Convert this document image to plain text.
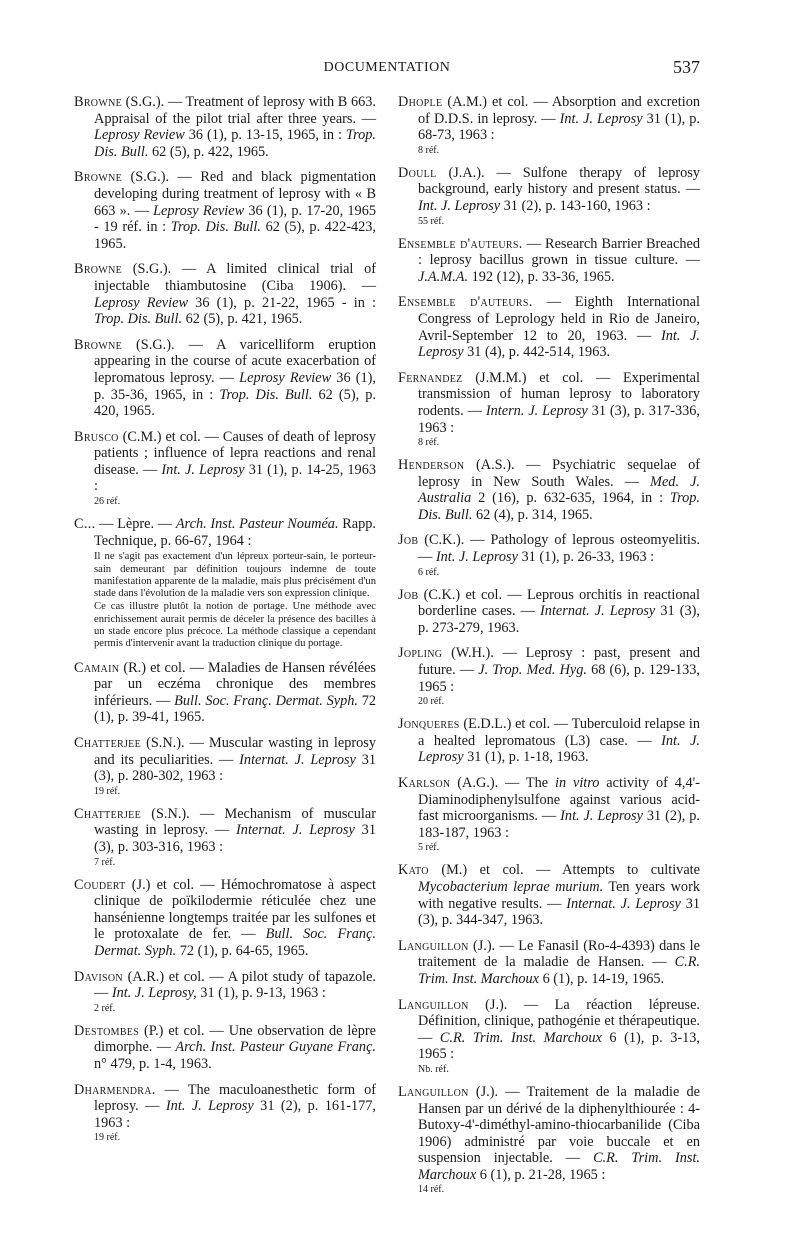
DOCUMENTATION	537

Browne (S.G.). — Treatment of leprosy with B 663. Appraisal of the pilot trial after three years. — Leprosy Review 36 (1), p. 13-15, 1965, in : Trop. Dis. Bull. 62 (5), p. 422, 1965.

Browne (S.G.). — Red and black pigmentation developing during treatment of leprosy with « B 663 ». — Leprosy Review 36 (1), p. 17-20, 1965 - 19 réf. in : Trop. Dis. Bull. 62 (5), p. 422-423, 1965.

Browne (S.G.). — A limited clinical trial of injectable thiambutosine (Ciba 1906). — Leprosy Review 36 (1), p. 21-22, 1965 - in : Trop. Dis. Bull. 62 (5), p. 421, 1965.

Browne (S.G.). — A varicelliform eruption appearing in the course of acute exacerbation of lepromatous leprosy. — Leprosy Review 36 (1), p. 35-36, 1965, in : Trop. Dis. Bull. 62 (5), p. 420, 1965.

Brusco (C.M.) et col. — Causes of death of leprosy patients ; influence of lepra reactions and renal disease. — Int. J. Leprosy 31 (1), p. 14-25, 1963 :
26 réf.

C... — Lèpre. — Arch. Inst. Pasteur Nouméa. Rapp. Technique, p. 66-67, 1964 :
Il ne s'agit pas exactement d'un lépreux porteur-sain, le porteur-sain demeurant par définition toujours indemne de toute manifestation apparente de la maladie, mais plus précisément d'un stade dans l'évolution de la maladie vers son expression clinique.
Ce cas illustre plutôt la notion de portage. Une méthode avec enrichissement aurait permis de déceler la présence des bacilles à un stade encore plus précoce. La méthode classique a cependant permis d'intervenir avant la traduction clinique du portage.

Camain (R.) et col. — Maladies de Hansen révélées par un eczéma chronique des membres inférieurs. — Bull. Soc. Franç. Dermat. Syph. 72 (1), p. 39-41, 1965.

Chatterjee (S.N.). — Muscular wasting in leprosy and its peculiarities. — Internat. J. Leprosy 31 (3), p. 280-302, 1963 :
19 réf.

Chatterjee (S.N.). — Mechanism of muscular wasting in leprosy. — Internat. J. Leprosy 31 (3), p. 303-316, 1963 :
7 réf.

Coudert (J.) et col. — Hémochromatose à aspect clinique de poïkilodermie réticulée chez une hansénienne longtemps traitée par les sulfones et le protoxalate de fer. — Bull. Soc. Franç. Dermat. Syph. 72 (1), p. 64-65, 1965.

Davison (A.R.) et col. — A pilot study of tapazole. — Int. J. Leprosy, 31 (1), p. 9-13, 1963 :
2 réf.

Destombes (P.) et col. — Une observation de lèpre dimorphe. — Arch. Inst. Pasteur Guyane Franç. n° 479, p. 1-4, 1963.

Dharmendra. — The maculoanesthetic form of leprosy. — Int. J. Leprosy 31 (2), p. 161-177, 1963 :
19 réf.

Dhople (A.M.) et col. — Absorption and excretion of D.D.S. in leprosy. — Int. J. Leprosy 31 (1), p. 68-73, 1963 :
8 réf.

Doull (J.A.). — Sulfone therapy of leprosy background, early history and present status. — Int. J. Leprosy 31 (2), p. 143-160, 1963 :
55 réf.

Ensemble d'auteurs. — Research Barrier Breached : leprosy bacillus grown in tissue culture. — J.A.M.A. 192 (12), p. 33-36, 1965.

Ensemble d'auteurs. — Eighth International Congress of Leprology held in Rio de Janeiro, Avril-September 12 to 20, 1963. — Int. J. Leprosy 31 (4), p. 442-514, 1963.

Fernandez (J.M.M.) et col. — Experimental transmission of human leprosy to laboratory rodents. — Intern. J. Leprosy 31 (3), p. 317-336, 1963 :
8 réf.

Henderson (A.S.). — Psychiatric sequelae of leprosy in New South Wales. — Med. J. Australia 2 (16), p. 632-635, 1964, in : Trop. Dis. Bull. 62 (4), p. 314, 1965.

Job (C.K.). — Pathology of leprous osteomyelitis. — Int. J. Leprosy 31 (1), p. 26-33, 1963 :
6 réf.

Job (C.K.) et col. — Leprous orchitis in reactional borderline cases. — Internat. J. Leprosy 31 (3), p. 273-279, 1963.

Jopling (W.H.). — Leprosy : past, present and future. — J. Trop. Med. Hyg. 68 (6), p. 129-133, 1965 :
20 réf.

Jonqueres (E.D.L.) et col. — Tuberculoid relapse in a healted lepromatous (L3) case. — Int. J. Leprosy 31 (1), p. 1-18, 1963.

Karlson (A.G.). — The in vitro activity of 4,4'-Diaminodiphenylsulfone against various acid-fast microorganisms. — Int. J. Leprosy 31 (2), p. 183-187, 1963 :
5 réf.

Kato (M.) et col. — Attempts to cultivate Mycobacterium leprae murium. Ten years work with negative results. — Internat. J. Leprosy 31 (3), p. 344-347, 1963.

Languillon (J.). — Le Fanasil (Ro-4-4393) dans le traitement de la maladie de Hansen. — C.R. Trim. Inst. Marchoux 6 (1), p. 14-19, 1965.

Languillon (J.). — La réaction lépreuse. Définition, clinique, pathogénie et thérapeutique. — C.R. Trim. Inst. Marchoux 6 (1), p. 3-13, 1965 :
Nb. réf.

Languillon (J.). — Traitement de la maladie de Hansen par un dérivé de la diphenylthiourée : 4-Butoxy-4'-diméthyl-amino-thiocarbanilide (Ciba 1906) administré par voie buccale et en suspension injectable. — C.R. Trim. Inst. Marchoux 6 (1), p. 21-28, 1965 :
14 réf.
